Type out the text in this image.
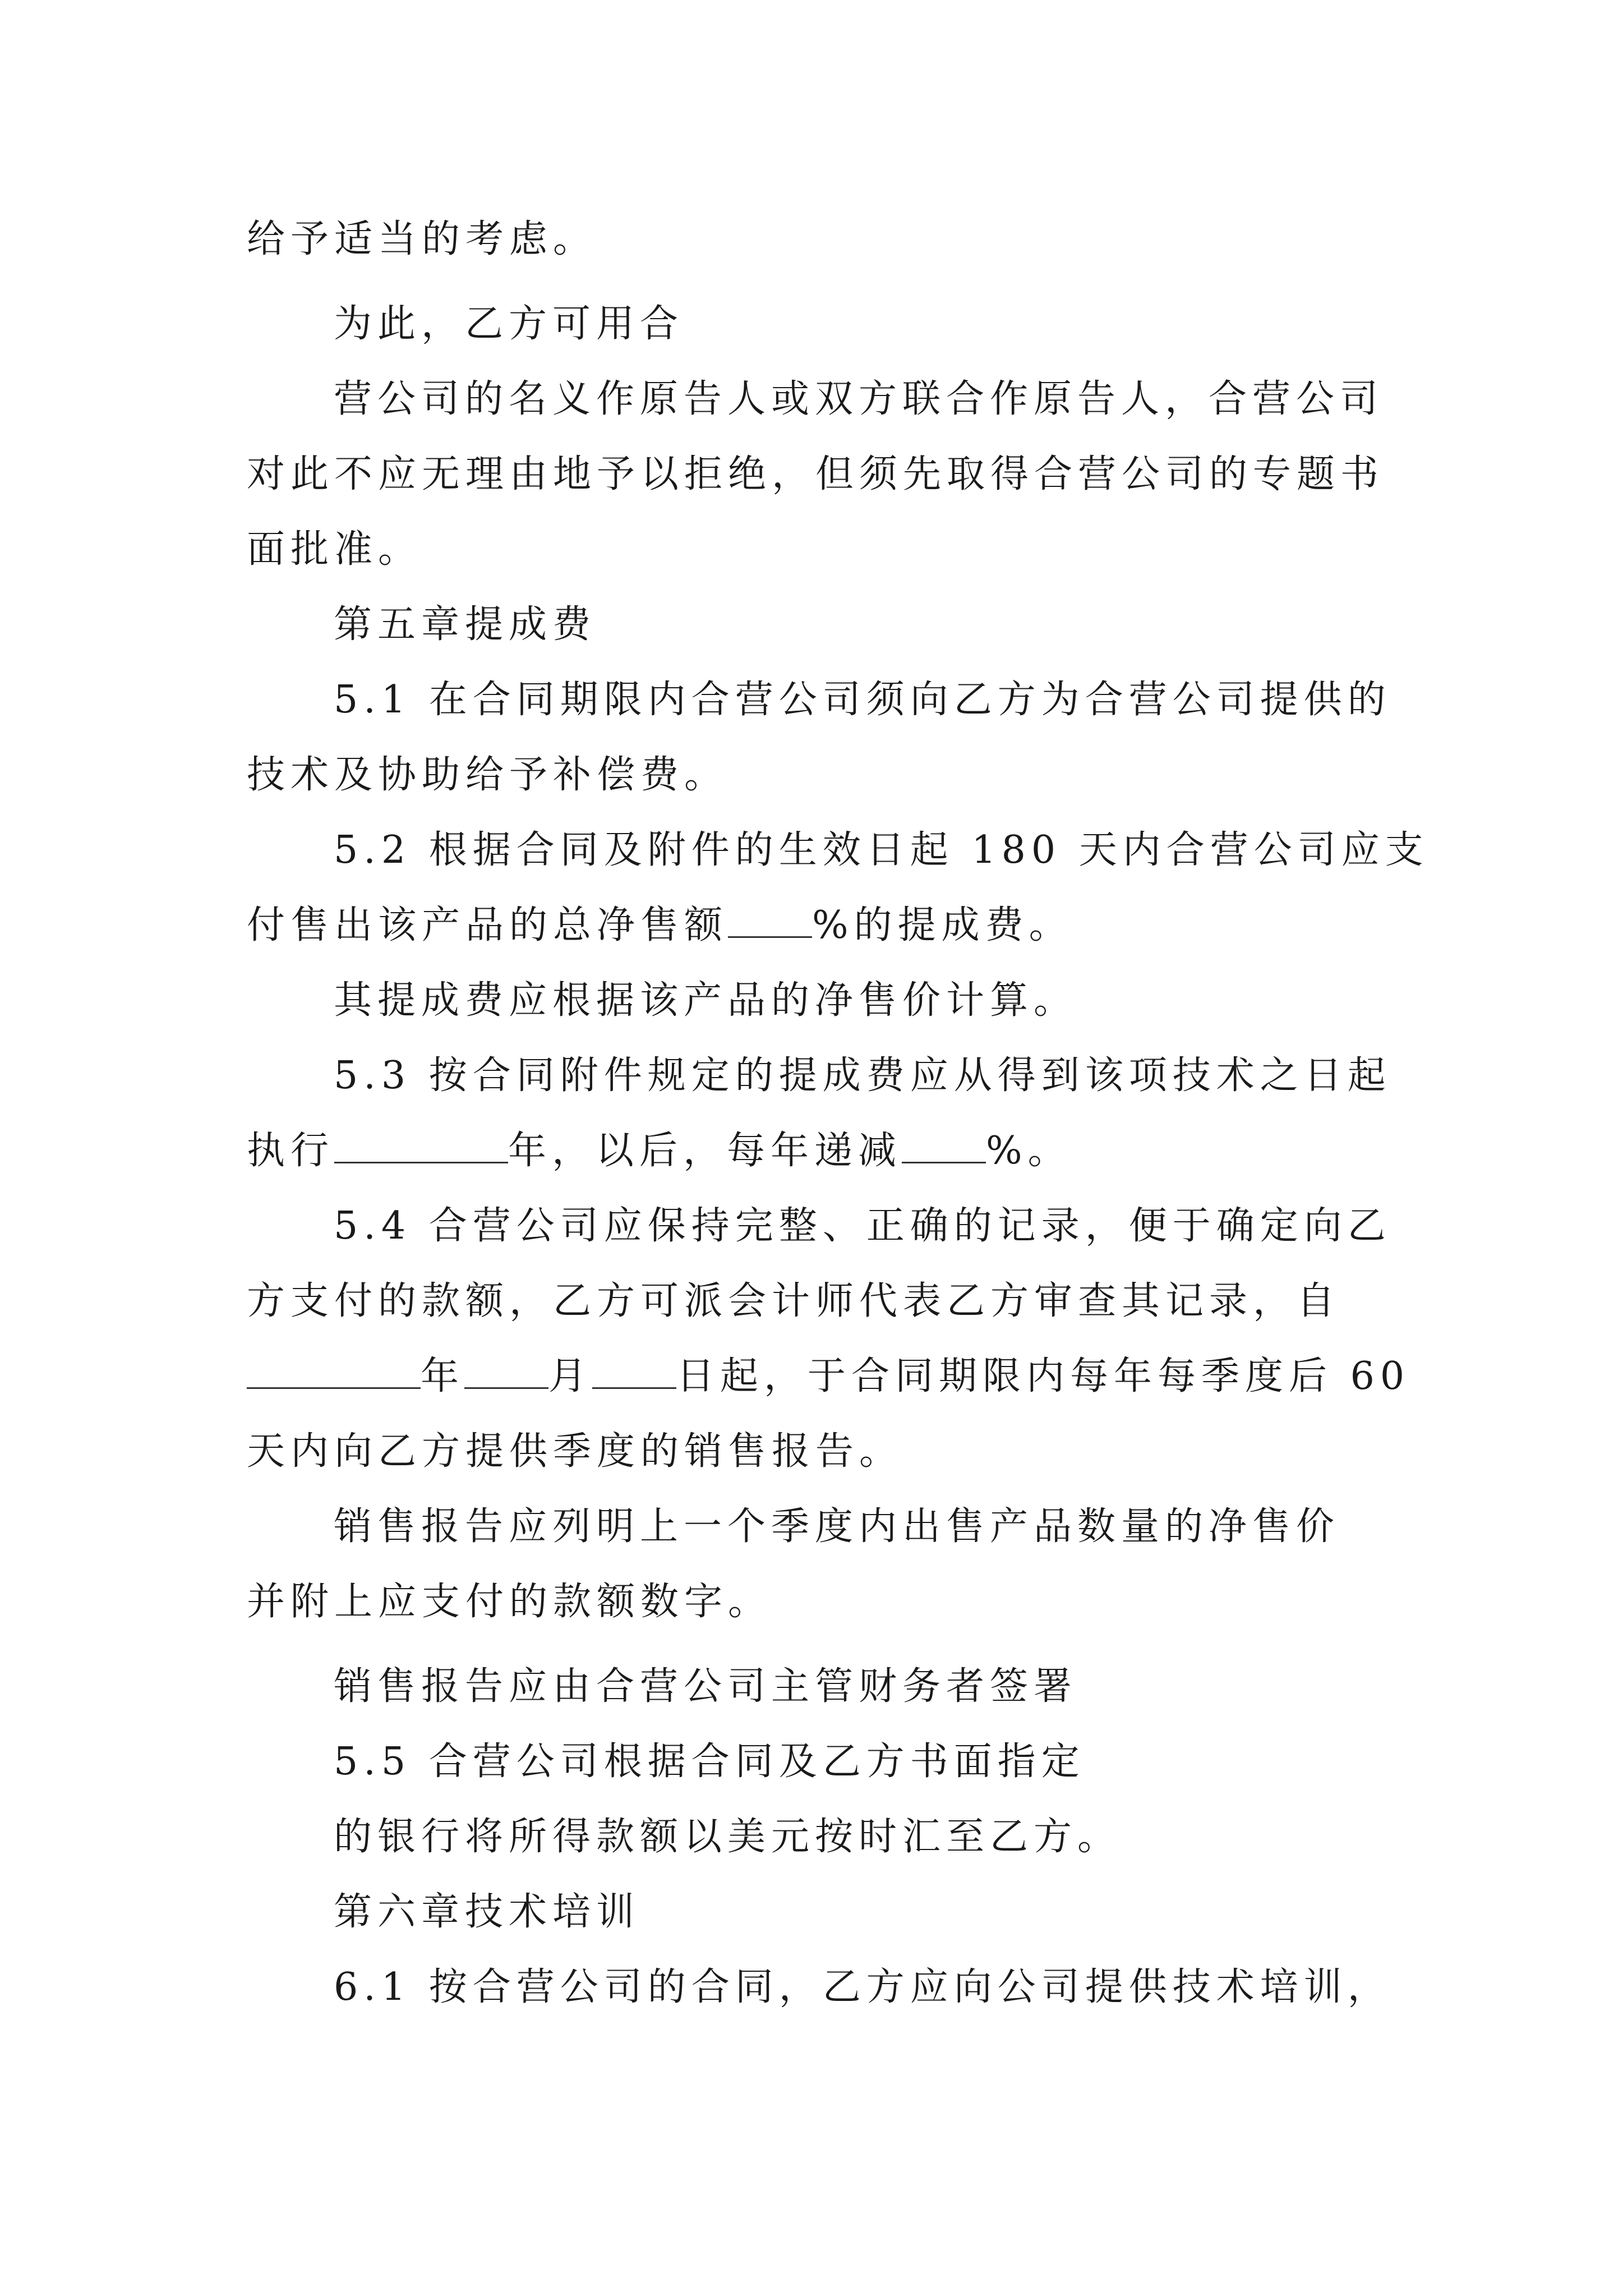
给予适当的考虑。
为此，乙方可用合
营公司的名义作原告人或双方联合作原告人，合营公司
对此不应无理由地予以拒绝，但须先取得合营公司的专题书
面批准。
第五章提成费
5.1 在合同期限内合营公司须向乙方为合营公司提供的
技术及协助给予补偿费。
5.2 根据合同及附件的生效日起 180 天内合营公司应支
付售出该产品的总净售额 %的提成费。
其提成费应根据该产品的净售价计算。
5.3 按合同附件规定的提成费应从得到该项技术之日起
执行	年，以后，每年递减 %。
5.4 合营公司应保持完整、正确的记录，便于确定向乙
方支付的款额，乙方可派会计师代表乙方审查其记录，自
年 月 日起，于合同期限内每年每季度后 60
天内向乙方提供季度的销售报告。
销售报告应列明上一个季度内出售产品数量的净售价
并附上应支付的款额数字。
销售报告应由合营公司主管财务者签署
5.5 合营公司根据合同及乙方书面指定
的银行将所得款额以美元按时汇至乙方。
第六章技术培训
6.1 按合营公司的合同，乙方应向公司提供技术培训，
